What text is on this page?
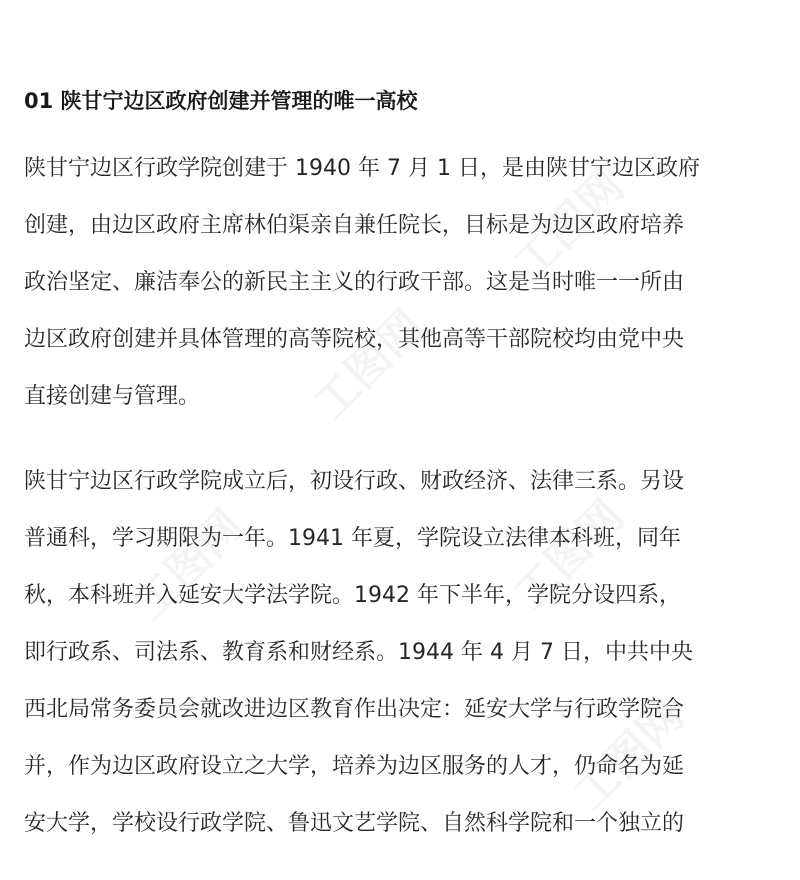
01 陕甘宁边区政府创建并管理的唯一高校

陕甘宁边区行政学院创建于 1940 年 7 月 1 日，是由陕甘宁边区政府
创建，由边区政府主席林伯渠亲自兼任院长，目标是为边区政府培养
政治坚定、廉洁奉公的新民主主义的行政干部。这是当时唯一一所由
边区政府创建并具体管理的高等院校，其他高等干部院校均由党中央
直接创建与管理。

陕甘宁边区行政学院成立后，初设行政、财政经济、法律三系。另设
普通科，学习期限为一年。1941 年夏，学院设立法律本科班，同年
秋，本科班并入延安大学法学院。1942 年下半年，学院分设四系，
即行政系、司法系、教育系和财经系。1944 年 4 月 7 日，中共中央
西北局常务委员会就改进边区教育作出决定：延安大学与行政学院合
并，作为边区政府设立之大学，培养为边区服务的人才，仍命名为延
安大学，学校设行政学院、鲁迅文艺学院、自然科学院和一个独立的
